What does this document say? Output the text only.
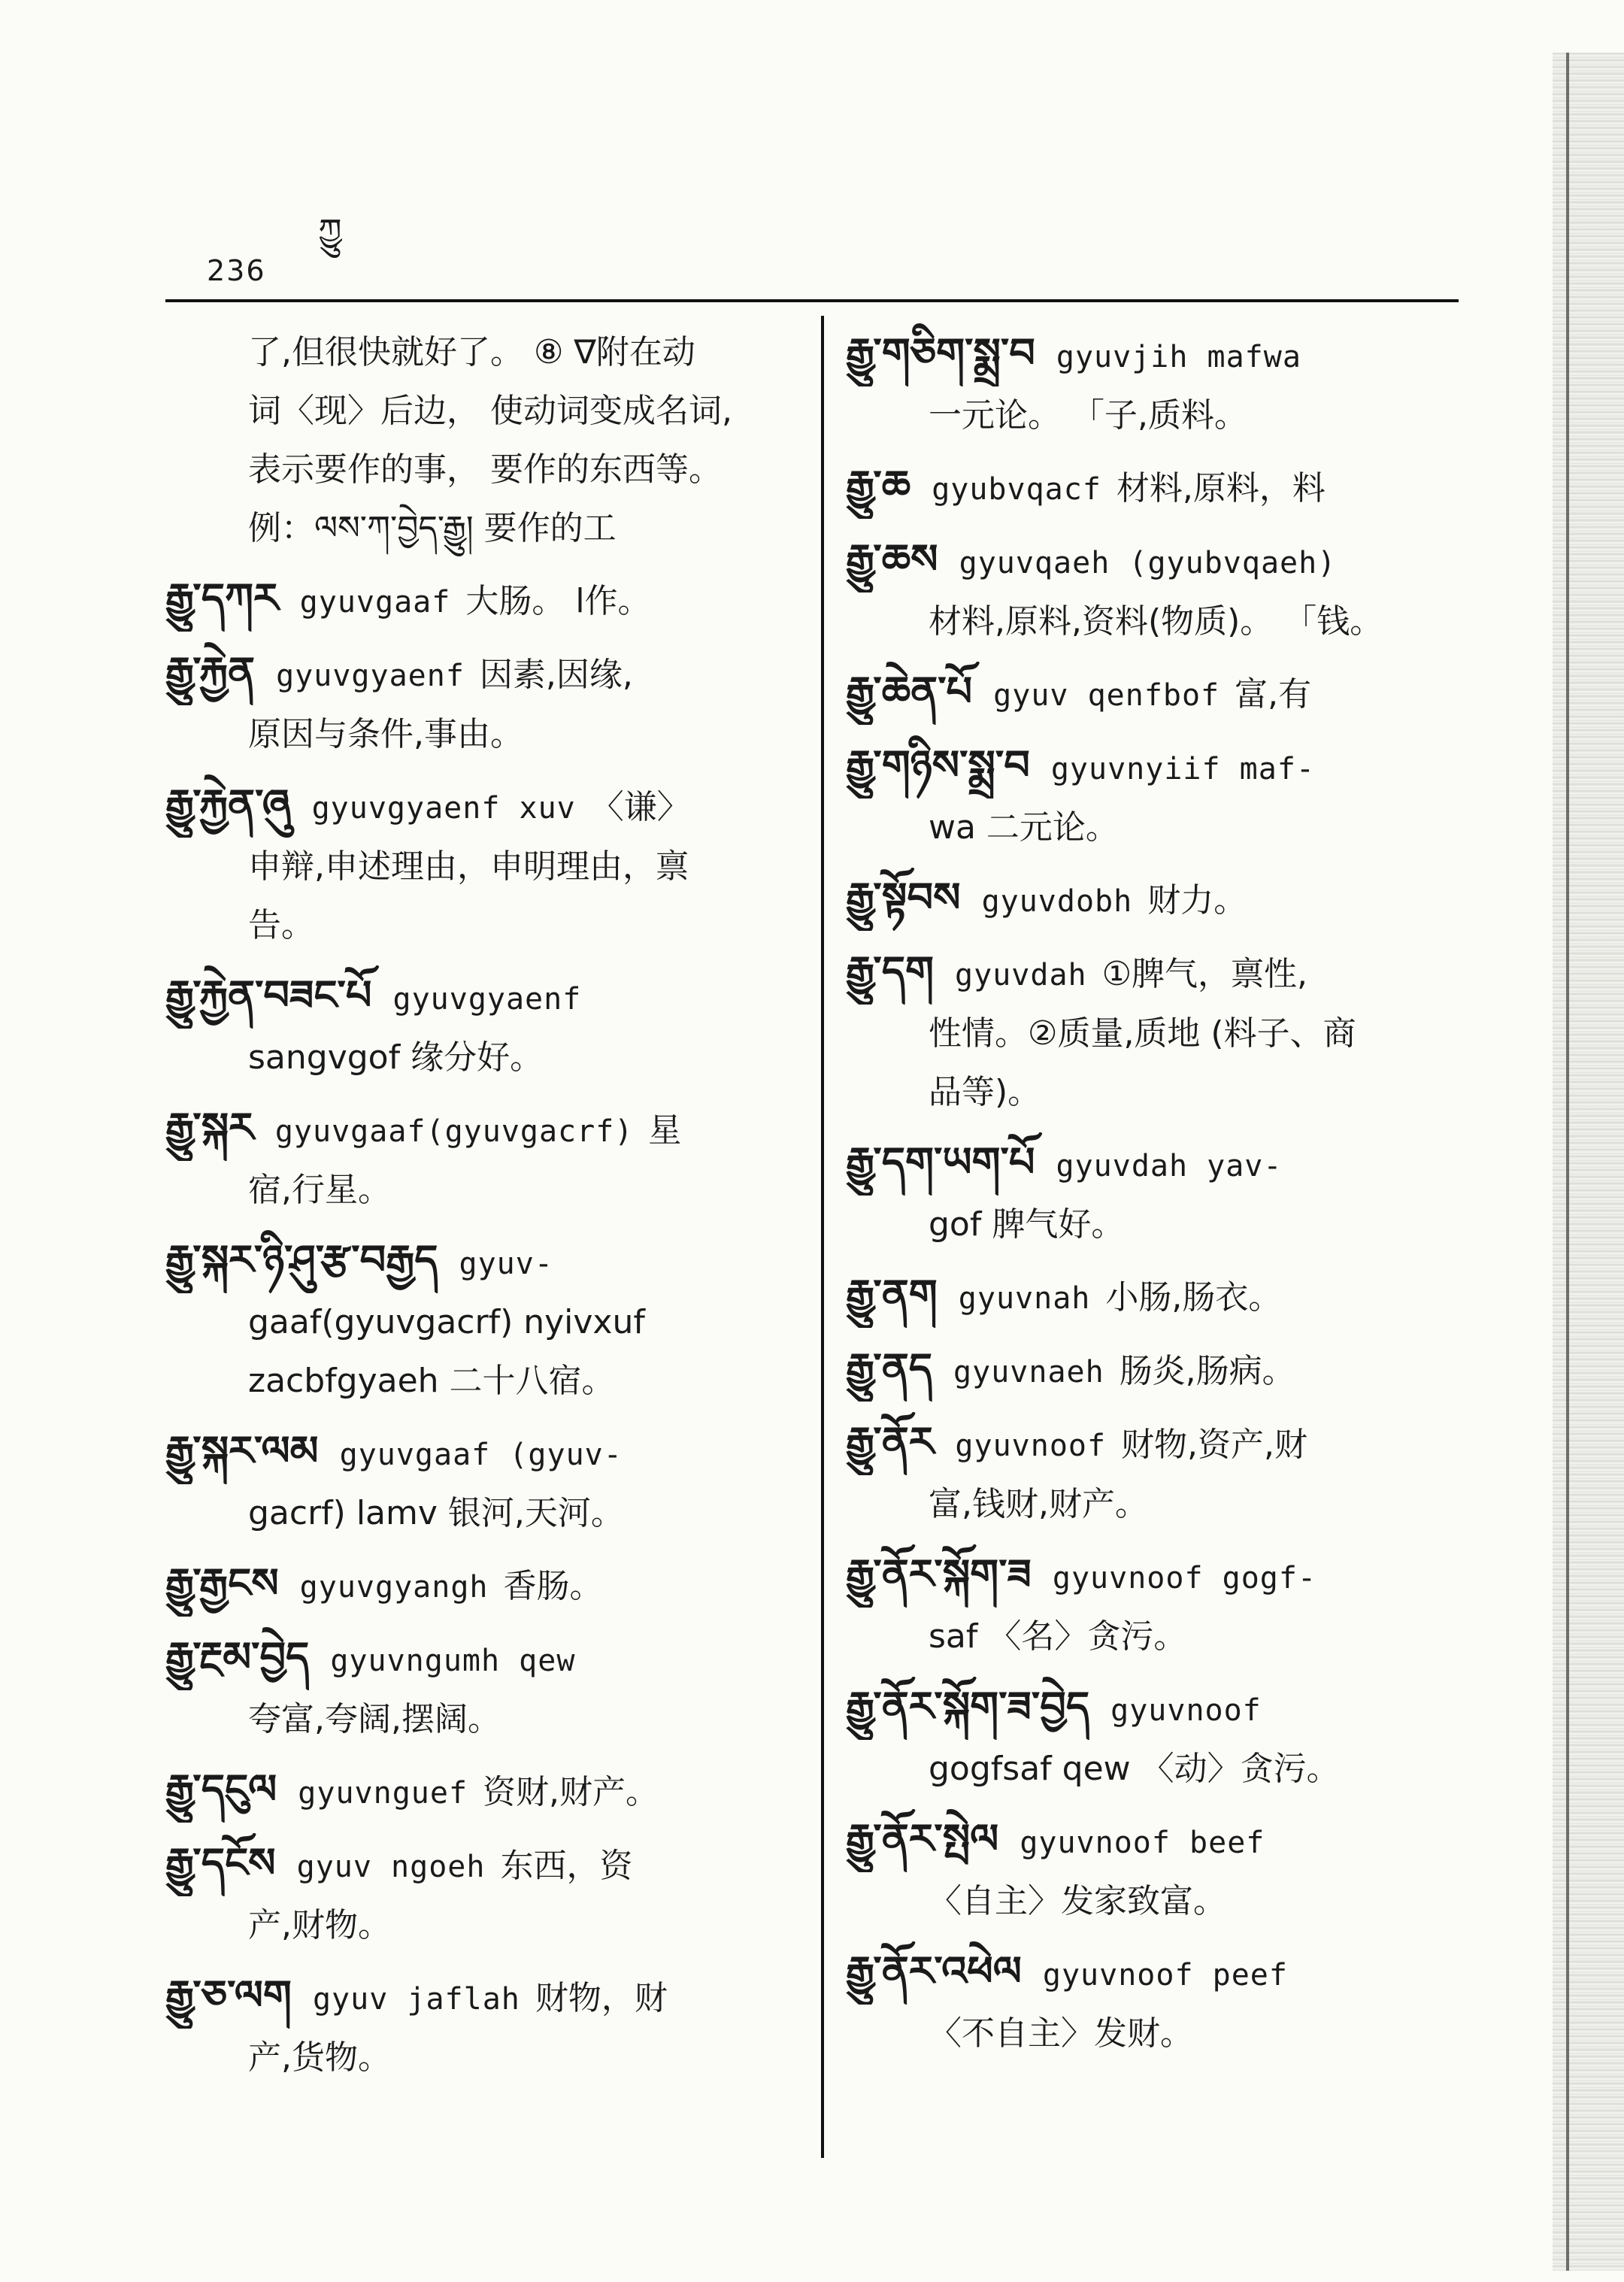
236
ཀྱུ
了,但很快就好了。 ⑧ ∇附在动
词〈现〉后边， 使动词变成名词,
表示要作的事， 要作的东西等。
例：ལས་ཀ་བྱེད་རྒྱུ། 要作的工
རྒྱུ་དཀར gyuvgaaf 大肠。 l作。
རྒྱུ་རྐྱེན gyuvgyaenf 因素,因缘,
原因与条件,事由。
རྒྱུ་རྐྱེན་ཞུ gyuvgyaenf xuv 〈谦〉
申辩,申述理由，申明理由，禀
告。
རྒྱུ་རྐྱེན་བཟང་པོ gyuvgyaenf
sangvgof 缘分好。
རྒྱུ་སྐར gyuvgaaf(gyuvgacrf) 星
宿,行星。
རྒྱུ་སྐར་ཉི་ཤུ་རྩ་བརྒྱད gyuv-
gaaf(gyuvgacrf) nyivxuf
zacbfgyaeh 二十八宿。
རྒྱུ་སྐར་ལམ gyuvgaaf (gyuv-
gacrf) lamv 银河,天河。
རྒྱུ་རྒྱངས gyuvgyangh 香肠。
རྒྱུ་རྔམ་བྱེད gyuvngumh qew
夸富,夸阔,摆阔。
རྒྱུ་དངུལ gyuvnguef 资财,财产。
རྒྱུ་དངོས gyuv ngoeh 东西，资
产,财物。
རྒྱུ་ཅ་ལག gyuv jaflah 财物，财
产,货物。
རྒྱུ་གཅིག་སྨྲ་བ gyuvjih mafwa
一元论。 「子,质料。
རྒྱུ་ཆ gyubvqacf 材料,原料，料
རྒྱུ་ཆས gyuvqaeh (gyubvqaeh)
材料,原料,资料(物质)。 「钱。
རྒྱུ་ཆེན་པོ gyuv qenfbof 富,有
རྒྱུ་གཉིས་སྨྲ་བ gyuvnyiif maf-
wa 二元论。
རྒྱུ་སྟོབས gyuvdobh 财力。
རྒྱུ་དག gyuvdah ①脾气，禀性,
性情。②质量,质地 (料子、商
品等)。
རྒྱུ་དག་ཡག་པོ gyuvdah yav-
gof 脾气好。
རྒྱུ་ནག gyuvnah 小肠,肠衣。
རྒྱུ་ནད gyuvnaeh 肠炎,肠病。
རྒྱུ་ནོར gyuvnoof 财物,资产,财
富,钱财,财产。
རྒྱུ་ནོར་སྐོག་ཟ gyuvnoof gogf-
saf 〈名〉贪污。
རྒྱུ་ནོར་སྐོག་ཟ་བྱེད gyuvnoof
gogfsaf qew 〈动〉贪污。
རྒྱུ་ནོར་སྤེལ gyuvnoof beef
〈自主〉发家致富。
རྒྱུ་ནོར་འཕེལ gyuvnoof peef
〈不自主〉发财。
